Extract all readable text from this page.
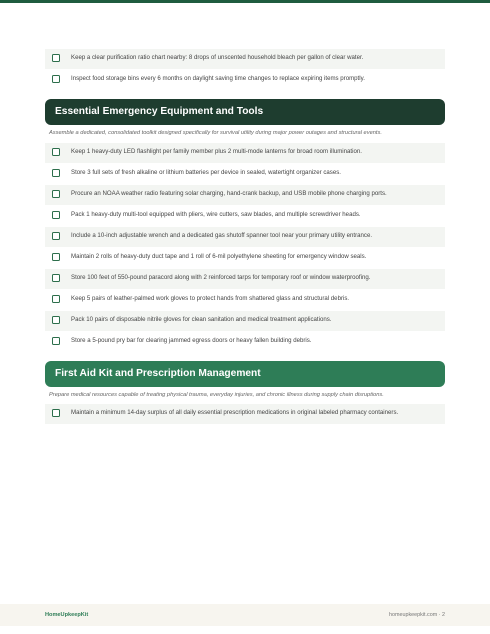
Keep a clear purification ratio chart nearby: 8 drops of unscented household bleach per gallon of clear water.
Inspect food storage bins every 6 months on daylight saving time changes to replace expiring items promptly.
Essential Emergency Equipment and Tools
Assemble a dedicated, consolidated toolkit designed specifically for survival utility during major power outages and structural events.
Keep 1 heavy-duty LED flashlight per family member plus 2 multi-mode lanterns for broad room illumination.
Store 3 full sets of fresh alkaline or lithium batteries per device in sealed, watertight organizer cases.
Procure an NOAA weather radio featuring solar charging, hand-crank backup, and USB mobile phone charging ports.
Pack 1 heavy-duty multi-tool equipped with pliers, wire cutters, saw blades, and multiple screwdriver heads.
Include a 10-inch adjustable wrench and a dedicated gas shutoff spanner tool near your primary utility entrance.
Maintain 2 rolls of heavy-duty duct tape and 1 roll of 6-mil polyethylene sheeting for emergency window seals.
Store 100 feet of 550-pound paracord along with 2 reinforced tarps for temporary roof or window waterproofing.
Keep 5 pairs of leather-palmed work gloves to protect hands from shattered glass and structural debris.
Pack 10 pairs of disposable nitrile gloves for clean sanitation and medical treatment applications.
Store a 5-pound pry bar for clearing jammed egress doors or heavy fallen building debris.
First Aid Kit and Prescription Management
Prepare medical resources capable of treating physical trauma, everyday injuries, and chronic illness during supply chain disruptions.
Maintain a minimum 14-day surplus of all daily essential prescription medications in original labeled pharmacy containers.
HomeUpkeepKit	homeupkeepkit.com · 2
